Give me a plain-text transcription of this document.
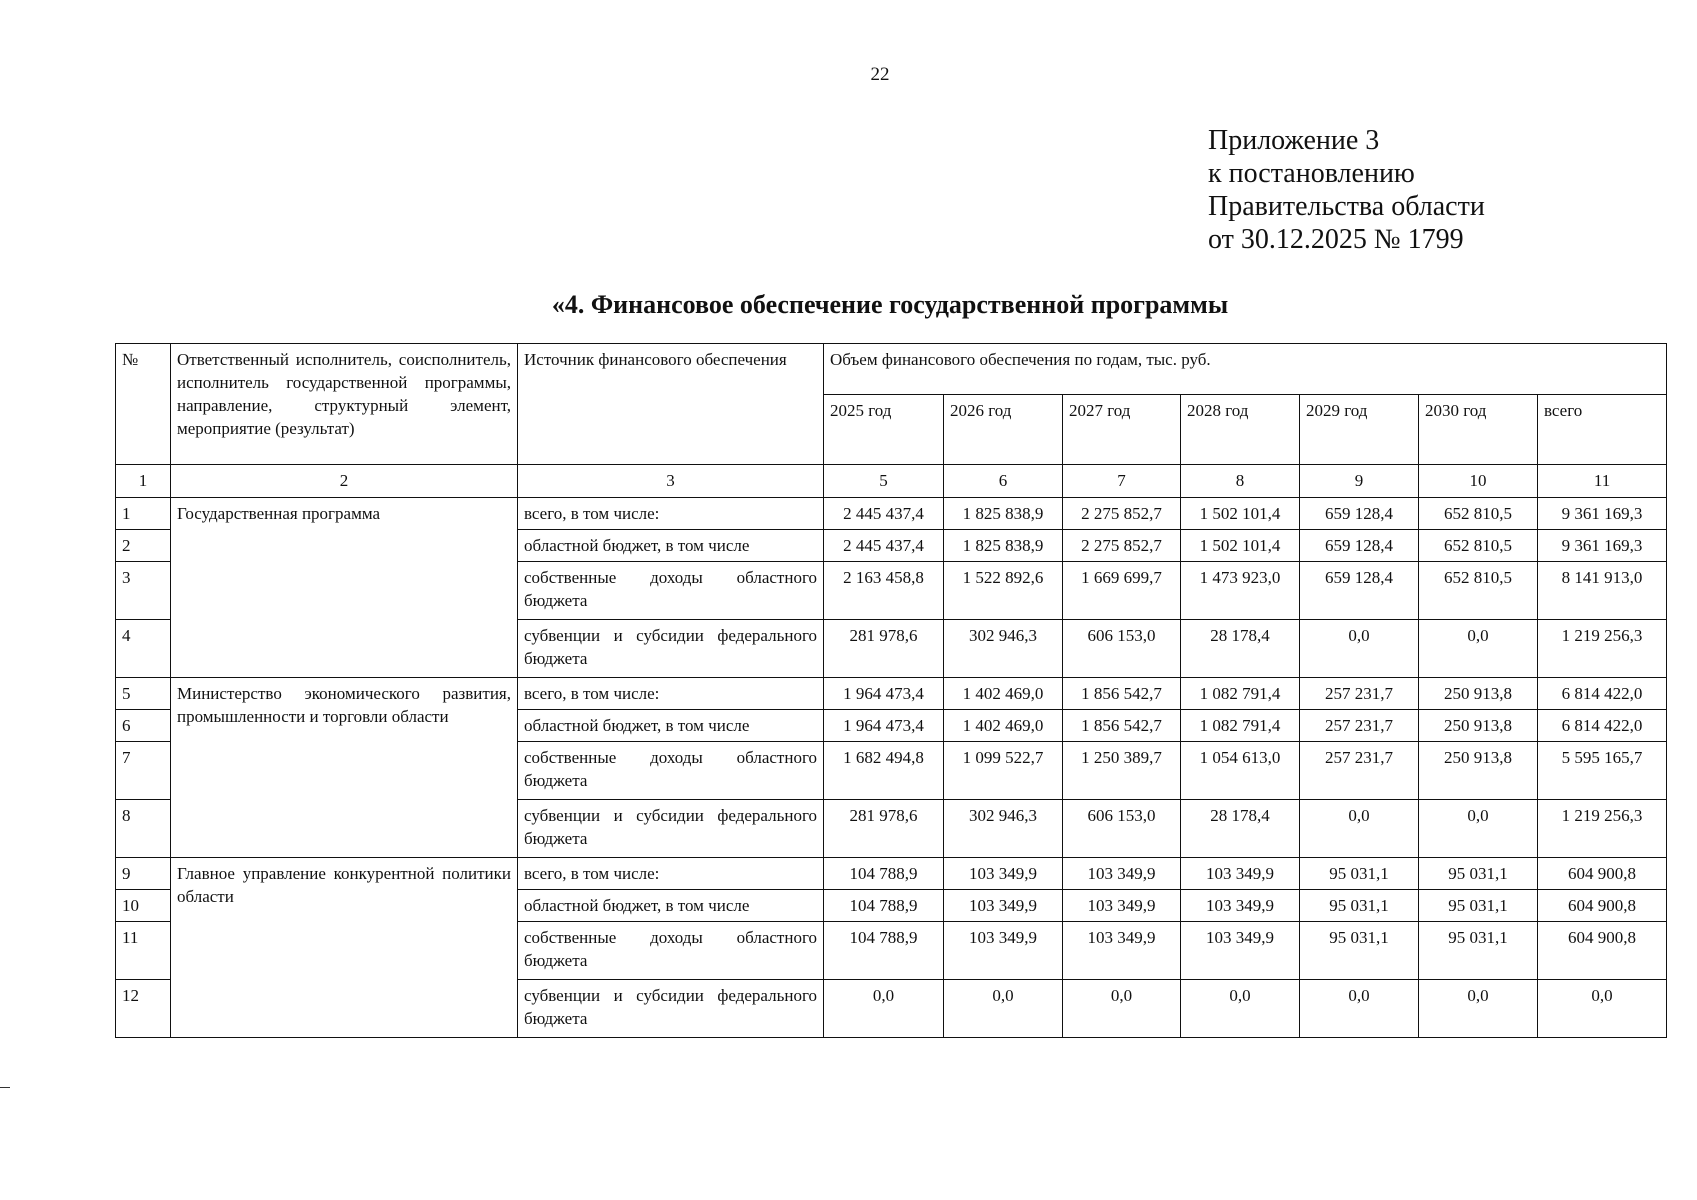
22
Приложение 3
к постановлению
Правительства области
от 30.12.2025 № 1799
«4. Финансовое обеспечение государственной программы
№	Ответственный исполнитель, соисполнитель, исполнитель государственной программы, направление, структурный элемент, мероприятие (результат)	Источник финансового обеспечения	Объем финансового обеспечения по годам, тыс. руб.						
			2025 год	2026 год	2027 год	2028 год	2029 год	2030 год	всего
1	2	3	5	6	7	8	9	10	11
1	Государственная программа	всего, в том числе:	2 445 437,4	1 825 838,9	2 275 852,7	1 502 101,4	659 128,4	652 810,5	9 361 169,3
2		областной бюджет, в том числе	2 445 437,4	1 825 838,9	2 275 852,7	1 502 101,4	659 128,4	652 810,5	9 361 169,3
3		собственные доходы областного бюджета	2 163 458,8	1 522 892,6	1 669 699,7	1 473 923,0	659 128,4	652 810,5	8 141 913,0
4		субвенции и субсидии федерального бюджета	281 978,6	302 946,3	606 153,0	28 178,4	0,0	0,0	1 219 256,3
5	Министерство экономического развития, промышленности и торговли области	всего, в том числе:	1 964 473,4	1 402 469,0	1 856 542,7	1 082 791,4	257 231,7	250 913,8	6 814 422,0
6		областной бюджет, в том числе	1 964 473,4	1 402 469,0	1 856 542,7	1 082 791,4	257 231,7	250 913,8	6 814 422,0
7		собственные доходы областного бюджета	1 682 494,8	1 099 522,7	1 250 389,7	1 054 613,0	257 231,7	250 913,8	5 595 165,7
8		субвенции и субсидии федерального бюджета	281 978,6	302 946,3	606 153,0	28 178,4	0,0	0,0	1 219 256,3
9	Главное управление конкурентной политики области	всего, в том числе:	104 788,9	103 349,9	103 349,9	103 349,9	95 031,1	95 031,1	604 900,8
10		областной бюджет, в том числе	104 788,9	103 349,9	103 349,9	103 349,9	95 031,1	95 031,1	604 900,8
11		собственные доходы областного бюджета	104 788,9	103 349,9	103 349,9	103 349,9	95 031,1	95 031,1	604 900,8
12		субвенции и субсидии федерального бюджета	0,0	0,0	0,0	0,0	0,0	0,0	0,0
